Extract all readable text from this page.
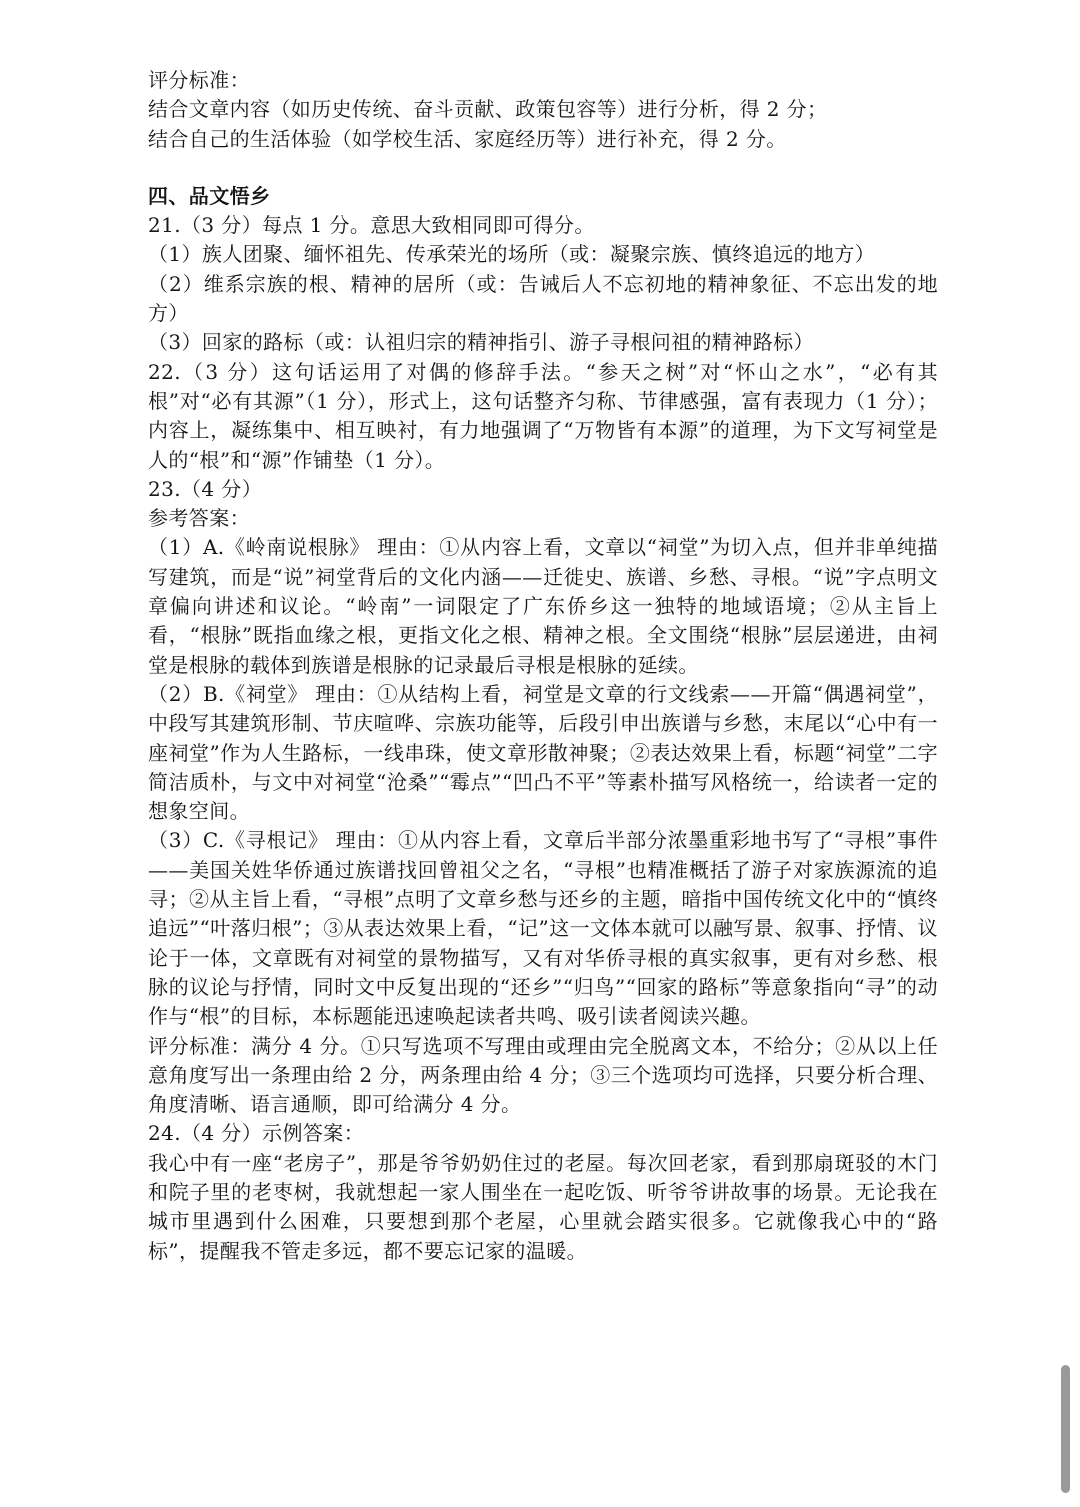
评分标准：
结合文章内容（如历史传统、奋斗贡献、政策包容等）进行分析，得 2 分；
结合自己的生活体验（如学校生活、家庭经历等）进行补充，得 2 分。
四、品文悟乡
21.（3 分）每点 1 分。意思大致相同即可得分。
（1）族人团聚、缅怀祖先、传承荣光的场所（或：凝聚宗族、慎终追远的地方）
（2）维系宗族的根、精神的居所（或：告诫后人不忘初地的精神象征、不忘出发的地方）
（3）回家的路标（或：认祖归宗的精神指引、游子寻根问祖的精神路标）
22.（3 分）这句话运用了对偶的修辞手法。“参天之树”对“怀山之水”，“必有其根”对“必有其源”（1 分），形式上，这句话整齐匀称、节律感强，富有表现力（1 分）；内容上，凝练集中、相互映衬，有力地强调了“万物皆有本源”的道理，为下文写祠堂是人的“根”和“源”作铺垫（1 分）。
23.（4 分）
参考答案：
（1）A.《岭南说根脉》 理由：①从内容上看，文章以“祠堂”为切入点，但并非单纯描写建筑，而是“说”祠堂背后的文化内涵——迁徙史、族谱、乡愁、寻根。“说”字点明文章偏向讲述和议论。“岭南”一词限定了广东侨乡这一独特的地域语境；②从主旨上看，“根脉”既指血缘之根，更指文化之根、精神之根。全文围绕“根脉”层层递进，由祠堂是根脉的载体到族谱是根脉的记录最后寻根是根脉的延续。
（2）B.《祠堂》 理由：①从结构上看，祠堂是文章的行文线索——开篇“偶遇祠堂”，中段写其建筑形制、节庆喧哗、宗族功能等，后段引申出族谱与乡愁，末尾以“心中有一座祠堂”作为人生路标，一线串珠，使文章形散神聚；②表达效果上看，标题“祠堂”二字简洁质朴，与文中对祠堂“沧桑”“霉点”“凹凸不平”等素朴描写风格统一，给读者一定的想象空间。
（3）C.《寻根记》 理由：①从内容上看，文章后半部分浓墨重彩地书写了“寻根”事件——美国关姓华侨通过族谱找回曾祖父之名，“寻根”也精准概括了游子对家族源流的追寻；②从主旨上看，“寻根”点明了文章乡愁与还乡的主题，暗指中国传统文化中的“慎终追远”“叶落归根”；③从表达效果上看，“记”这一文体本就可以融写景、叙事、抒情、议论于一体，文章既有对祠堂的景物描写，又有对华侨寻根的真实叙事，更有对乡愁、根脉的议论与抒情，同时文中反复出现的“还乡”“归鸟”“回家的路标”等意象指向“寻”的动作与“根”的目标，本标题能迅速唤起读者共鸣、吸引读者阅读兴趣。
评分标准：满分 4 分。①只写选项不写理由或理由完全脱离文本，不给分；②从以上任意角度写出一条理由给 2 分，两条理由给 4 分；③三个选项均可选择，只要分析合理、角度清晰、语言通顺，即可给满分 4 分。
24.（4 分）示例答案：
我心中有一座“老房子”，那是爷爷奶奶住过的老屋。每次回老家，看到那扇斑驳的木门和院子里的老枣树，我就想起一家人围坐在一起吃饭、听爷爷讲故事的场景。无论我在城市里遇到什么困难，只要想到那个老屋，心里就会踏实很多。它就像我心中的“路标”，提醒我不管走多远，都不要忘记家的温暖。
